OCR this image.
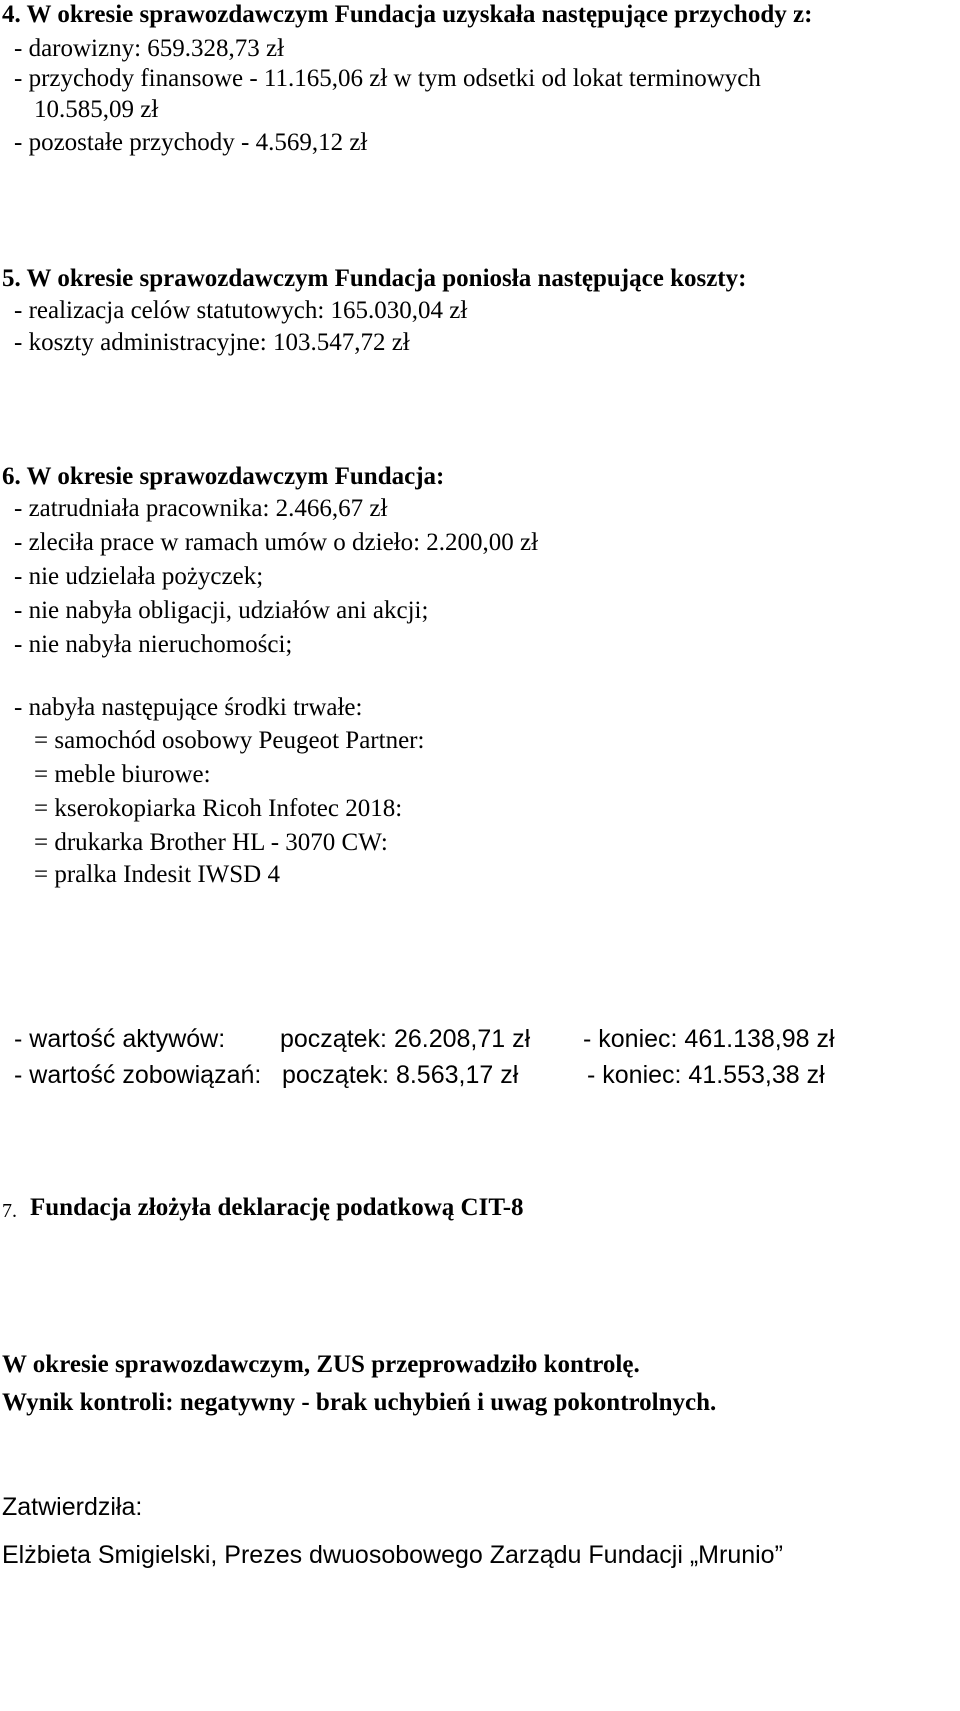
4. W okresie sprawozdawczym Fundacja uzyskała następujące przychody z:
- darowizny: 659.328,73 zł
- przychody finansowe - 11.165,06 zł w tym odsetki od lokat terminowych
10.585,09 zł
- pozostałe przychody - 4.569,12 zł
5. W okresie sprawozdawczym Fundacja poniosła następujące koszty:
- realizacja celów statutowych: 165.030,04 zł
- koszty administracyjne: 103.547,72 zł
6. W okresie sprawozdawczym Fundacja:
- zatrudniała pracownika: 2.466,67 zł
- zleciła prace w ramach umów o dzieło: 2.200,00 zł
- nie udzielała pożyczek;
- nie nabyła obligacji, udziałów ani akcji;
- nie nabyła nieruchomości;
- nabyła następujące środki trwałe:
= samochód osobowy Peugeot Partner:
= meble biurowe:
= kserokopiarka Ricoh Infotec 2018:
= drukarka Brother HL - 3070 CW:
= pralka Indesit IWSD 4
- wartość aktywów: początek: 26.208,71 zł - koniec: 461.138,98 zł
- wartość zobowiązań: początek: 8.563,17 zł	- koniec: 41.553,38 zł
7. Fundacja złożyła deklarację podatkową CIT-8
W okresie sprawozdawczym, ZUS przeprowadziło kontrolę.
Wynik kontroli: negatywny - brak uchybień i uwag pokontrolnych.
Zatwierdziła:
Elżbieta Smigielski, Prezes dwuosobowego Zarządu Fundacji „Mrunio”
